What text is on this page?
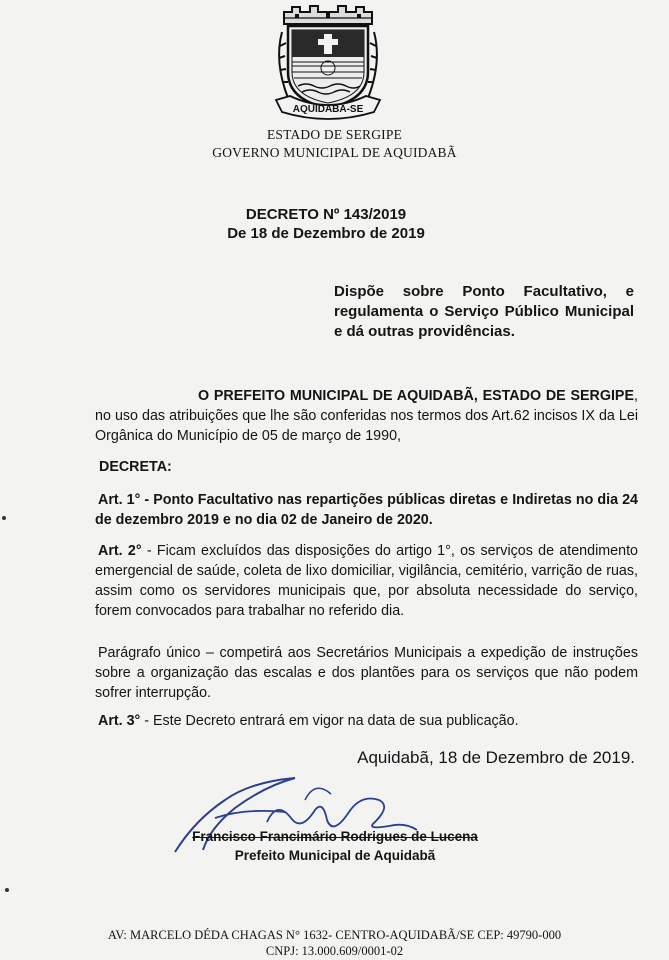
AQUIDABÃ-SE
ESTADO DE SERGIPE
GOVERNO MUNICIPAL DE AQUIDABÃ
DECRETO Nº 143/2019
De 18 de Dezembro de 2019
Dispõe sobre Ponto Facultativo, e regulamenta o Serviço Público Municipal e dá outras providências.
O PREFEITO MUNICIPAL DE AQUIDABÃ, ESTADO DE SERGIPE, no uso das atribuições que lhe são conferidas nos termos dos Art.62 incisos IX da Lei Orgânica do Município de 05 de março de 1990,
DECRETA:
Art. 1° - Ponto Facultativo nas repartições públicas diretas e Indiretas no dia 24 de dezembro 2019 e no dia 02 de Janeiro de 2020.
Art. 2° - Ficam excluídos das disposições do artigo 1°, os serviços de atendimento emergencial de saúde, coleta de lixo domiciliar, vigilância, cemitério, varrição de ruas, assim como os servidores municipais que, por absoluta necessidade do serviço, forem convocados para trabalhar no referido dia.
Parágrafo único – competirá aos Secretários Municipais a expedição de instruções sobre a organização das escalas e dos plantões para os serviços que não podem sofrer interrupção.
Art. 3° - Este Decreto entrará em vigor na data de sua publicação.
Aquidabã, 18 de Dezembro de 2019.
Francisco Francimário Rodrigues de Lucena
Prefeito Municipal de Aquidabã
AV: MARCELO DÉDA CHAGAS N° 1632- CENTRO-AQUIDABÃ/SE CEP: 49790-000
CNPJ: 13.000.609/0001-02
